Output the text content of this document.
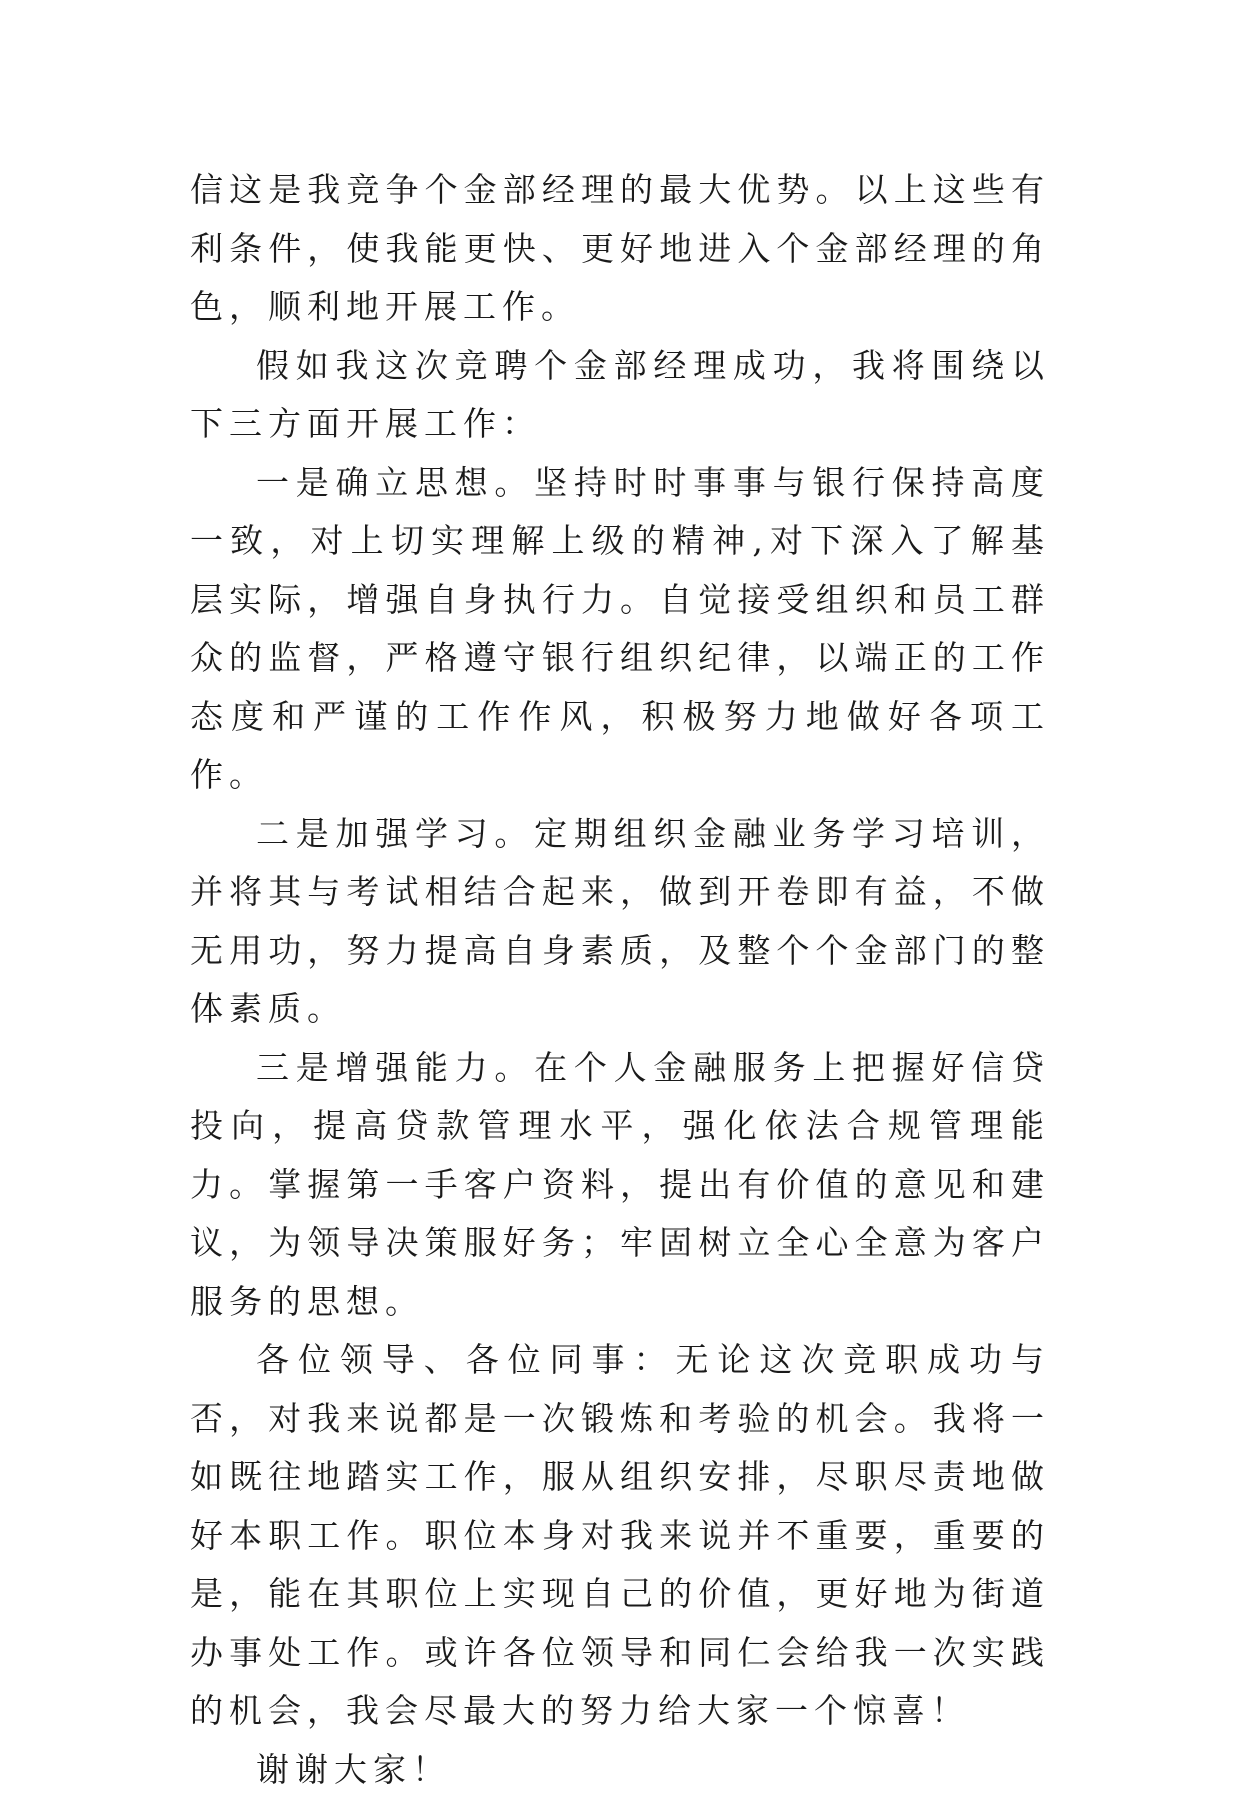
信这是我竞争个金部经理的最大优势。以上这些有利条件，使我能更快、更好地进入个金部经理的角色，顺利地开展工作。

假如我这次竞聘个金部经理成功，我将围绕以下三方面开展工作：

一是确立思想。坚持时时事事与银行保持高度一致，对上切实理解上级的精神,对下深入了解基层实际，增强自身执行力。自觉接受组织和员工群众的监督，严格遵守银行组织纪律，以端正的工作态度和严谨的工作作风，积极努力地做好各项工作。

二是加强学习。定期组织金融业务学习培训，并将其与考试相结合起来，做到开卷即有益，不做无用功，努力提高自身素质，及整个个金部门的整体素质。

三是增强能力。在个人金融服务上把握好信贷投向，提高贷款管理水平，强化依法合规管理能力。掌握第一手客户资料，提出有价值的意见和建议，为领导决策服好务；牢固树立全心全意为客户服务的思想。

各位领导、各位同事：无论这次竞职成功与否，对我来说都是一次锻炼和考验的机会。我将一如既往地踏实工作，服从组织安排，尽职尽责地做好本职工作。职位本身对我来说并不重要，重要的是，能在其职位上实现自己的价值，更好地为街道办事处工作。或许各位领导和同仁会给我一次实践的机会，我会尽最大的努力给大家一个惊喜！

谢谢大家！
